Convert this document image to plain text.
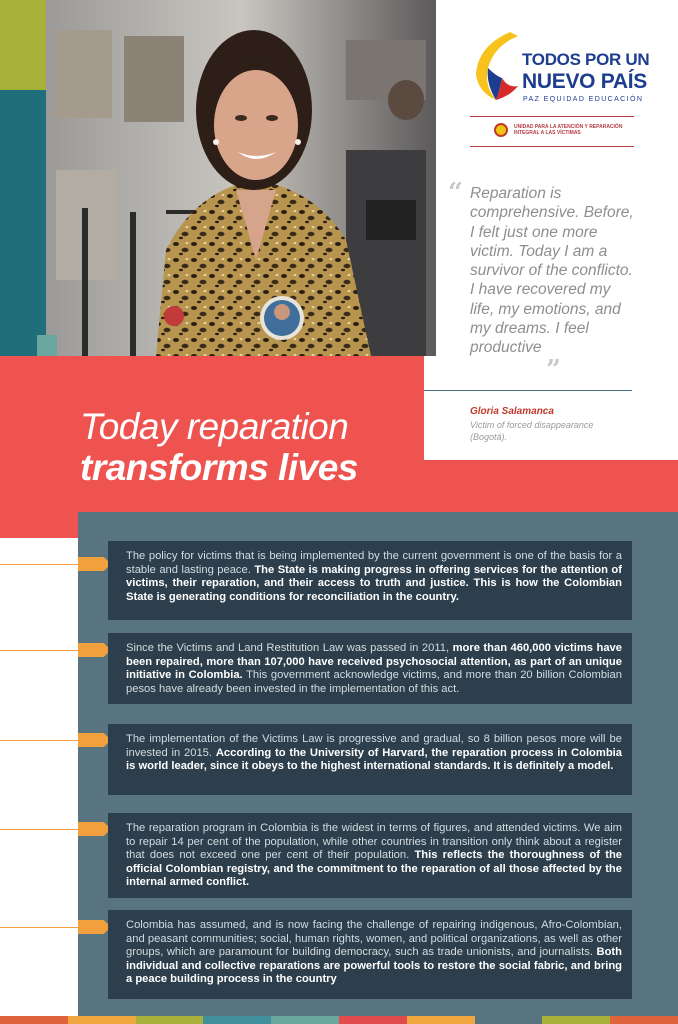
TODOS POR UN
NUEVO PAÍS
PAZ EQUIDAD EDUCACIÓN
UNIDAD PARA LA ATENCIÓN Y REPARACIÓN INTEGRAL A LAS VÍCTIMAS
“ Reparation is comprehensive. Before, I felt just one more victim. Today I am a survivor of the conflicto. I have recovered my life, my emotions, and my dreams. I feel productive
”
Gloria Salamanca
Victim of forced disappearance (Bogotá).
Today reparation
transforms lives

The policy for victims that is being implemented by the current government is one of the basis for a stable and lasting peace. The State is making progress in offering services for the attention of victims, their reparation, and their access to truth and justice. This is how the Colombian State is generating conditions for reconciliation in the country.

Since the Victims and Land Restitution Law was passed in 2011, more than 460,000 victims have been repaired, more than 107,000 have received psychosocial attention, as part of an unique initiative in Colombia. This government acknowledge victims, and more than 20 billion Colombian pesos have already been invested in the implementation of this act.

The implementation of the Victims Law is progressive and gradual, so 8 billion pesos more will be invested in 2015. According to the University of Harvard, the reparation process in Colombia is world leader, since it obeys to the highest international standards. It is definitely a model.

The reparation program in Colombia is the widest in terms of figures, and attended victims. We aim to repair 14 per cent of the population, while other countries in transition only think about a register that does not exceed one per cent of their population. This reflects the thoroughness of the official Colombian registry, and the commitment to the reparation of all those affected by the internal armed conflict.

Colombia has assumed, and is now facing the challenge of repairing indigenous, Afro-Colombian, and peasant communities; social, human rights, women, and political organizations, as well as other groups, which are paramount for building democracy, such as trade unionists, and journalists. Both individual and collective reparations are powerful tools to restore the social fabric, and bring a peace building process in the country
